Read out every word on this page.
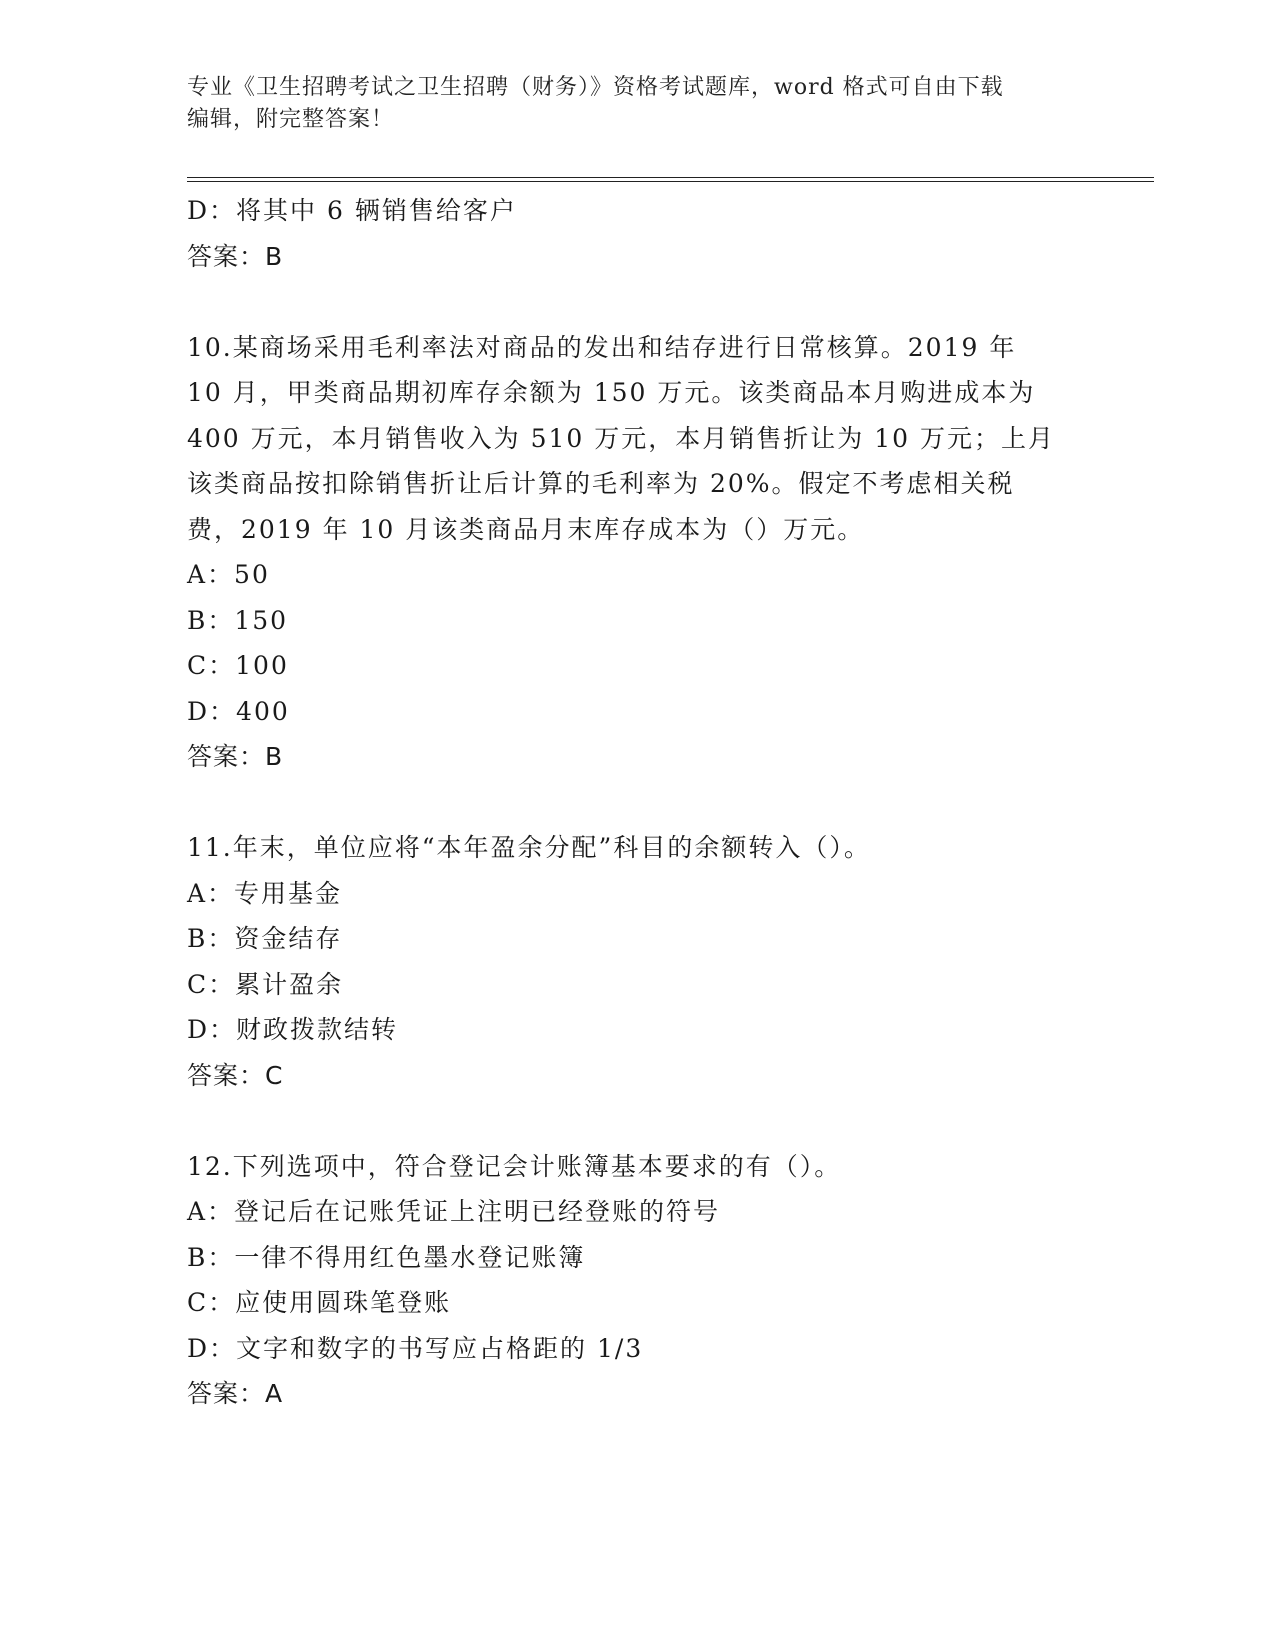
专业《卫生招聘考试之卫生招聘（财务）》资格考试题库，word 格式可自由下载
编辑，附完整答案！
D：将其中 6 辆销售给客户
答案：B
10.某商场采用毛利率法对商品的发出和结存进行日常核算。2019 年
10 月，甲类商品期初库存余额为 150 万元。该类商品本月购进成本为
400 万元，本月销售收入为 510 万元，本月销售折让为 10 万元；上月
该类商品按扣除销售折让后计算的毛利率为 20%。假定不考虑相关税
费，2019 年 10 月该类商品月末库存成本为（）万元。
A：50
B：150
C：100
D：400
答案：B
11.年末，单位应将“本年盈余分配”科目的余额转入（）。
A：专用基金
B：资金结存
C：累计盈余
D：财政拨款结转
答案：C
12.下列选项中，符合登记会计账簿基本要求的有（）。
A：登记后在记账凭证上注明已经登账的符号
B：一律不得用红色墨水登记账簿
C：应使用圆珠笔登账
D：文字和数字的书写应占格距的 1/3
答案：A
